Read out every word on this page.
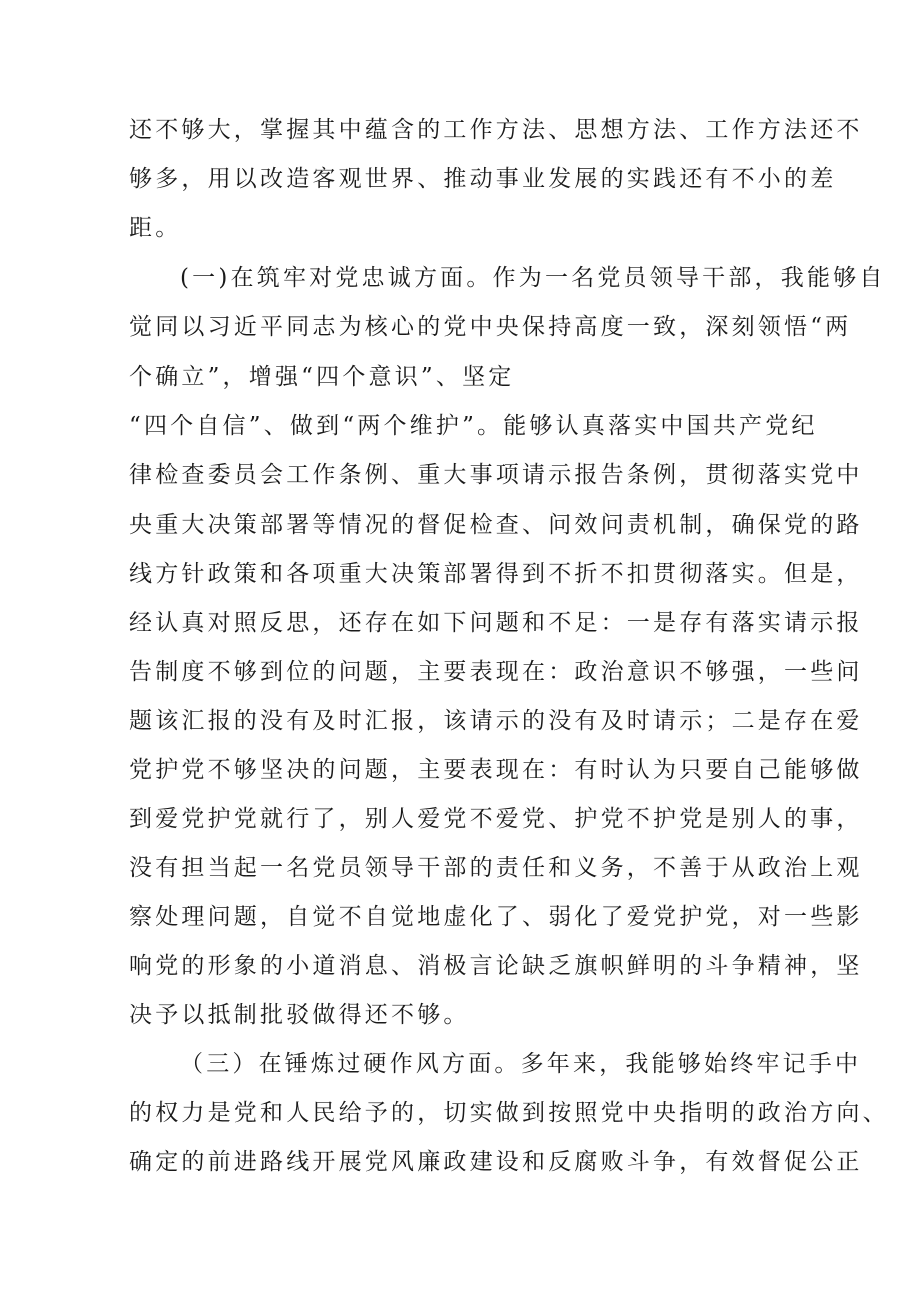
还不够大，掌握其中蕴含的工作方法、思想方法、工作方法还不
够多，用以改造客观世界、推动事业发展的实践还有不小的差
距。
(一)在筑牢对党忠诚方面。作为一名党员领导干部，我能够自
觉同以习近平同志为核心的党中央保持高度一致，深刻领悟“两
个确立”，增强“四个意识”、坚定
“四个自信”、做到“两个维护”。能够认真落实中国共产党纪
律检查委员会工作条例、重大事项请示报告条例，贯彻落实党中
央重大决策部署等情况的督促检查、问效问责机制，确保党的路
线方针政策和各项重大决策部署得到不折不扣贯彻落实。但是，
经认真对照反思，还存在如下问题和不足：一是存有落实请示报
告制度不够到位的问题，主要表现在：政治意识不够强，一些问
题该汇报的没有及时汇报，该请示的没有及时请示；二是存在爱
党护党不够坚决的问题，主要表现在：有时认为只要自己能够做
到爱党护党就行了，别人爱党不爱党、护党不护党是别人的事，
没有担当起一名党员领导干部的责任和义务，不善于从政治上观
察处理问题，自觉不自觉地虚化了、弱化了爱党护党，对一些影
响党的形象的小道消息、消极言论缺乏旗帜鲜明的斗争精神，坚
决予以抵制批驳做得还不够。
（三）在锤炼过硬作风方面。多年来，我能够始终牢记手中
的权力是党和人民给予的，切实做到按照党中央指明的政治方向、
确定的前进路线开展党风廉政建设和反腐败斗争，有效督促公正
